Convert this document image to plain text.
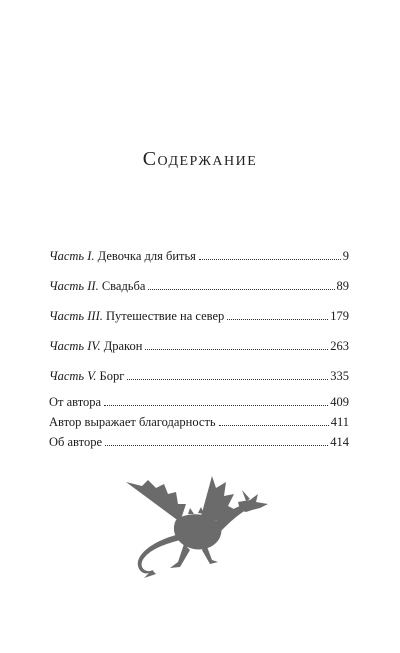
Содержание
Часть I. Девочка для битья	9
Часть II. Свадьба	89
Часть III. Путешествие на север	179
Часть IV. Дракон	263
Часть V. Борг	335
От автора	409
Автор выражает благодарность	411
Об авторе	414
